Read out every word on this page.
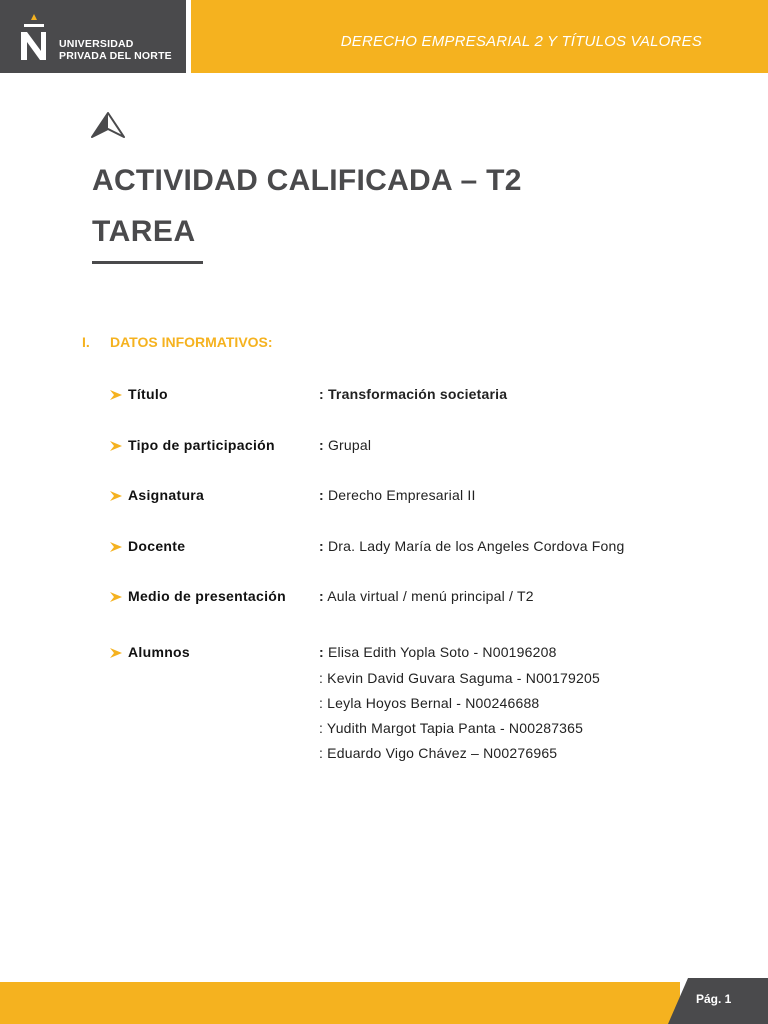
UNIVERSIDAD
PRIVADA DEL NORTE
DERECHO EMPRESARIAL 2 Y TÍTULOS VALORES
ACTIVIDAD CALIFICADA – T2
TAREA
I. DATOS INFORMATIVOS:
Título	: Transformación societaria
Tipo de participación	: Grupal
Asignatura	: Derecho Empresarial II
Docente	: Dra. Lady María de los Angeles Cordova Fong
Medio de presentación : Aula virtual / menú principal / T2
Alumnos	: Elisa Edith Yopla Soto - N00196208
: Kevin David Guvara Saguma - N00179205
: Leyla Hoyos Bernal - N00246688
: Yudith Margot Tapia Panta - N00287365
: Eduardo Vigo Chávez – N00276965
Pág. 1
